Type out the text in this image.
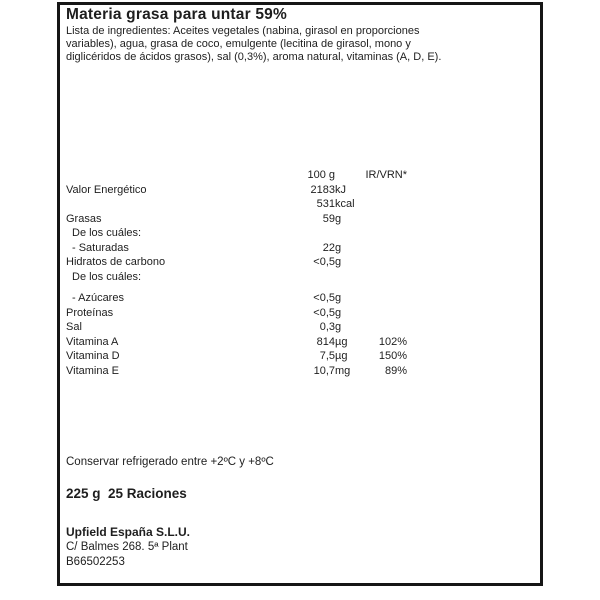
Materia grasa para untar 59%
Lista de ingredientes: Aceites vegetales (nabina, girasol en proporciones
variables), agua, grasa de coco, emulgente (lecitina de girasol, mono y
diglicéridos de ácidos grasos), sal (0,3%), aroma natural, vitaminas (A, D, E).
100 g	IR/VRN*
Valor Energético	2183 kJ
531 kcal
Grasas	59 g
De los cuáles:
- Saturadas	22 g
Hidratos de carbono	<0,5 g
De los cuáles:
- Azúcares	<0,5 g
Proteínas	<0,5 g
Sal	0,3 g
Vitamina A	814 µg	102%
Vitamina D	7,5 µg	150%
Vitamina E	10,7 mg	89%
Conservar refrigerado entre +2ºC y +8ºC
225 g  25 Raciones
Upfield España S.L.U.
C/ Balmes 268. 5ª Plant
B66502253
